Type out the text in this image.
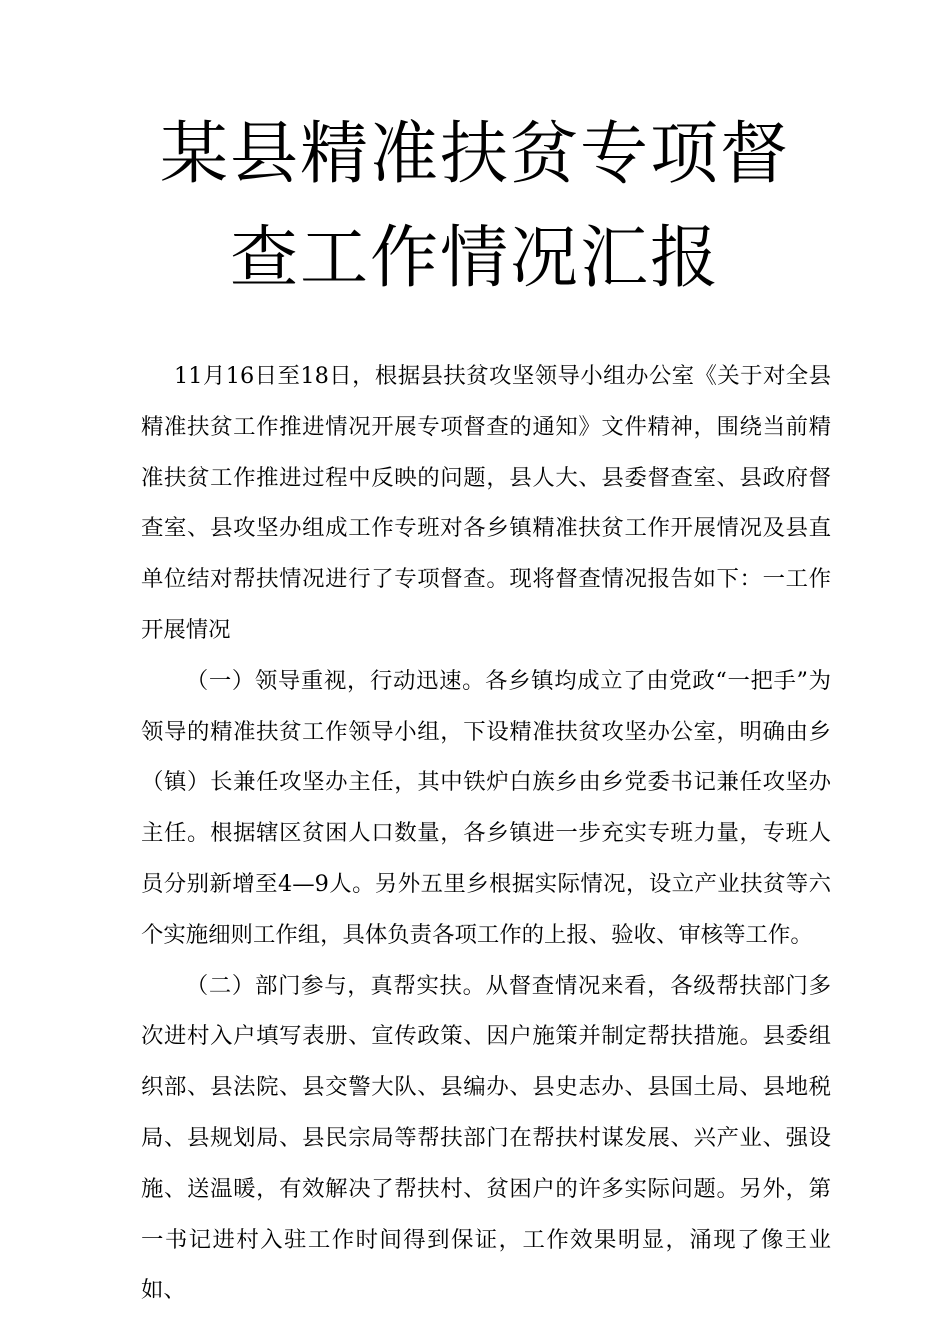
某县精准扶贫专项督
查工作情况汇报

11月16日至18日，根据县扶贫攻坚领导小组办公室《关于对全县精准扶贫工作推进情况开展专项督查的通知》文件精神，围绕当前精准扶贫工作推进过程中反映的问题，县人大、县委督查室、县政府督查室、县攻坚办组成工作专班对各乡镇精准扶贫工作开展情况及县直单位结对帮扶情况进行了专项督查。现将督查情况报告如下：一工作开展情况

（一）领导重视，行动迅速。各乡镇均成立了由党政“一把手”为领导的精准扶贫工作领导小组，下设精准扶贫攻坚办公室，明确由乡（镇）长兼任攻坚办主任，其中铁炉白族乡由乡党委书记兼任攻坚办主任。根据辖区贫困人口数量，各乡镇进一步充实专班力量，专班人员分别新增至4—9人。另外五里乡根据实际情况，设立产业扶贫等六个实施细则工作组，具体负责各项工作的上报、验收、审核等工作。

（二）部门参与，真帮实扶。从督查情况来看，各级帮扶部门多次进村入户填写表册、宣传政策、因户施策并制定帮扶措施。县委组织部、县法院、县交警大队、县编办、县史志办、县国土局、县地税局、县规划局、县民宗局等帮扶部门在帮扶村谋发展、兴产业、强设施、送温暖，有效解决了帮扶村、贫困户的许多实际问题。另外，第一书记进村入驻工作时间得到保证，工作效果明显，涌现了像王业如、
